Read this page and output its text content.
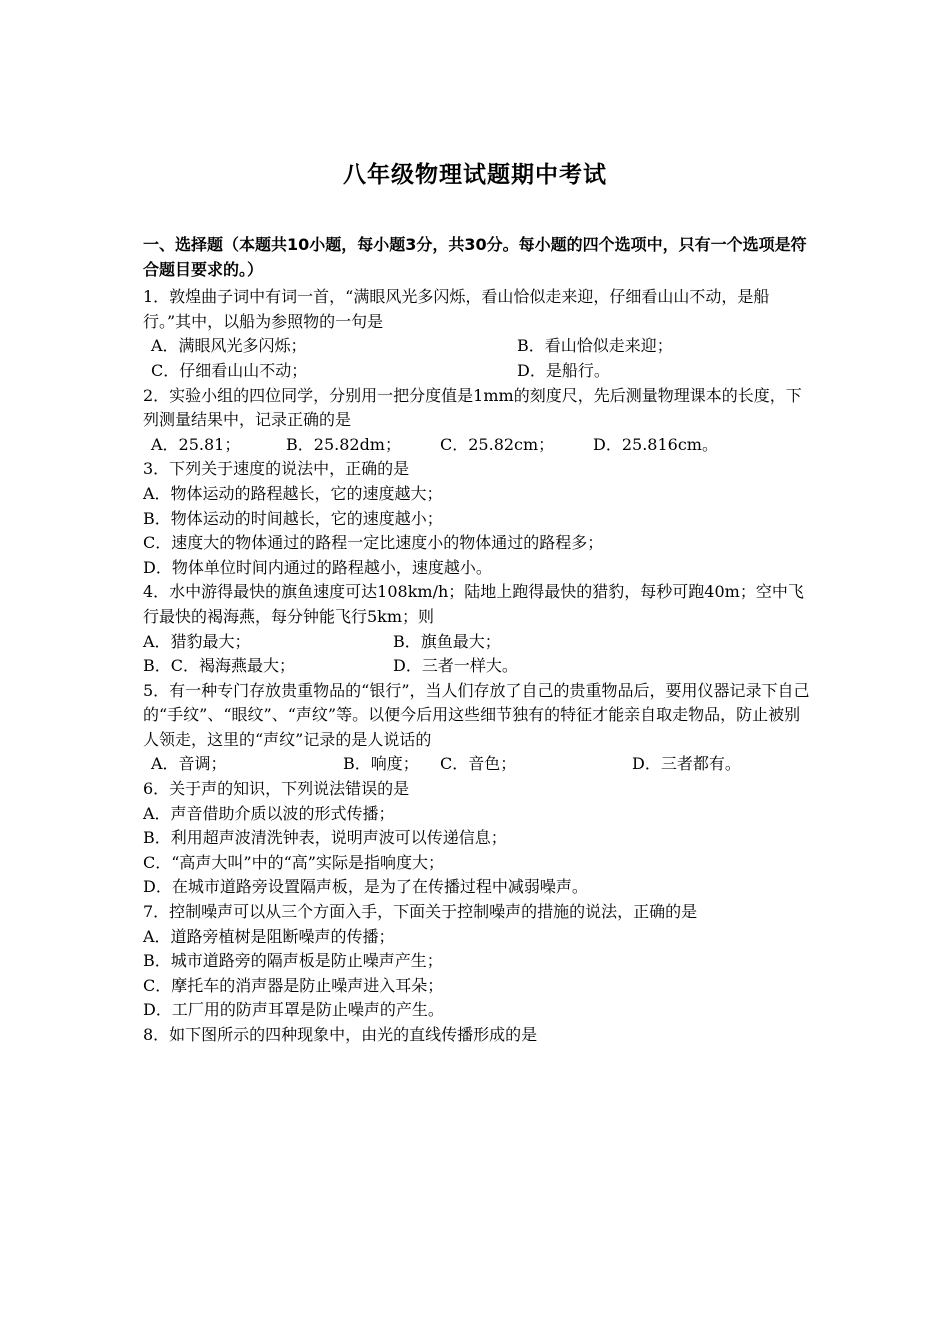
八年级物理试题期中考试
一、选择题（本题共10小题，每小题3分，共30分。每小题的四个选项中，只有一个选项是符合题目要求的。）
1．敦煌曲子词中有词一首，“满眼风光多闪烁，看山恰似走来迎，仔细看山山不动，是船行。”其中，以船为参照物的一句是
A．满眼风光多闪烁；	B．看山恰似走来迎；
C．仔细看山山不动；	D．是船行。
2．实验小组的四位同学，分别用一把分度值是1mm的刻度尺，先后测量物理课本的长度，下列测量结果中，记录正确的是
A．25.81；	B．25.82dm； C．25.82cm； D．25.816cm。
3．下列关于速度的说法中，正确的是
A．物体运动的路程越长，它的速度越大；
B．物体运动的时间越长，它的速度越小；
C．速度大的物体通过的路程一定比速度小的物体通过的路程多；
D．物体单位时间内通过的路程越小，速度越小。
4．水中游得最快的旗鱼速度可达108km/h；陆地上跑得最快的猎豹，每秒可跑40m；空中飞行最快的褐海燕，每分钟能飞行5km；则
A．猎豹最大；	B．旗鱼最大；
B．C．褐海燕最大；	D．三者一样大。
5．有一种专门存放贵重物品的“银行”，当人们存放了自己的贵重物品后，要用仪器记录下自己的“手纹”、“眼纹”、“声纹”等。以便今后用这些细节独有的特征才能亲自取走物品，防止被别人领走，这里的“声纹”记录的是人说话的
A．音调；	B．响度； C．音色；	D．三者都有。
6．关于声的知识，下列说法错误的是
A．声音借助介质以波的形式传播；
B．利用超声波清洗钟表，说明声波可以传递信息；
C．“高声大叫”中的“高”实际是指响度大；
D．在城市道路旁设置隔声板，是为了在传播过程中减弱噪声。
7．控制噪声可以从三个方面入手，下面关于控制噪声的措施的说法，正确的是
A．道路旁植树是阻断噪声的传播；
B．城市道路旁的隔声板是防止噪声产生；
C．摩托车的消声器是防止噪声进入耳朵；
D．工厂用的防声耳罩是防止噪声的产生。
8．如下图所示的四种现象中，由光的直线传播形成的是
